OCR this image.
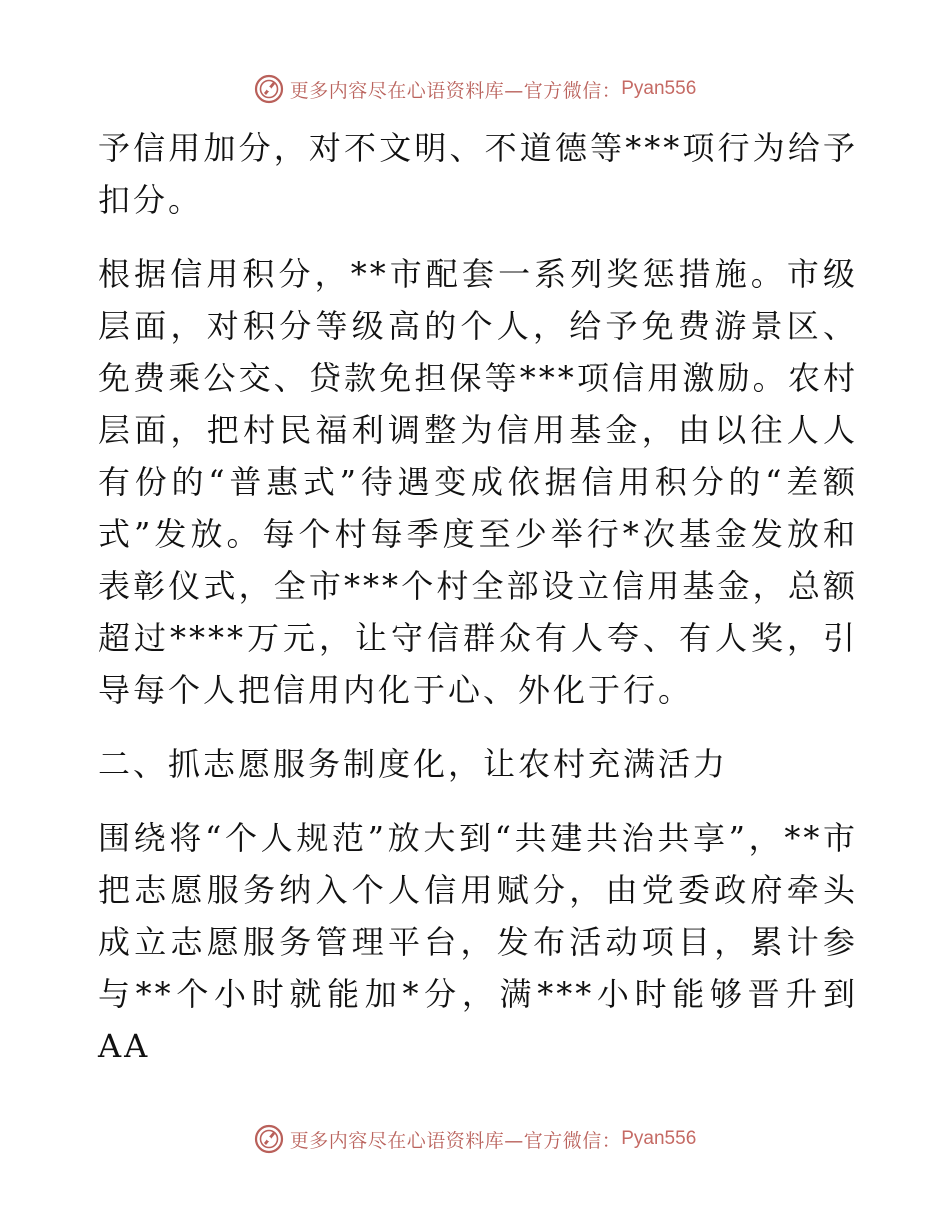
更多内容尽在心语资料库—官方微信： Pyan556

予信用加分，对不文明、不道德等***项行为给予扣分。

根据信用积分，**市配套一系列奖惩措施。市级层面，对积分等级高的个人，给予免费游景区、免费乘公交、贷款免担保等***项信用激励。农村层面，把村民福利调整为信用基金，由以往人人有份的“普惠式”待遇变成依据信用积分的“差额式”发放。每个村每季度至少举行*次基金发放和表彰仪式，全市***个村全部设立信用基金，总额超过****万元，让守信群众有人夸、有人奖，引导每个人把信用内化于心、外化于行。

二、抓志愿服务制度化，让农村充满活力

围绕将“个人规范”放大到“共建共治共享”，**市把志愿服务纳入个人信用赋分，由党委政府牵头成立志愿服务管理平台，发布活动项目，累计参与**个小时就能加*分，满***小时能够晋升到AA

更多内容尽在心语资料库—官方微信： Pyan556
